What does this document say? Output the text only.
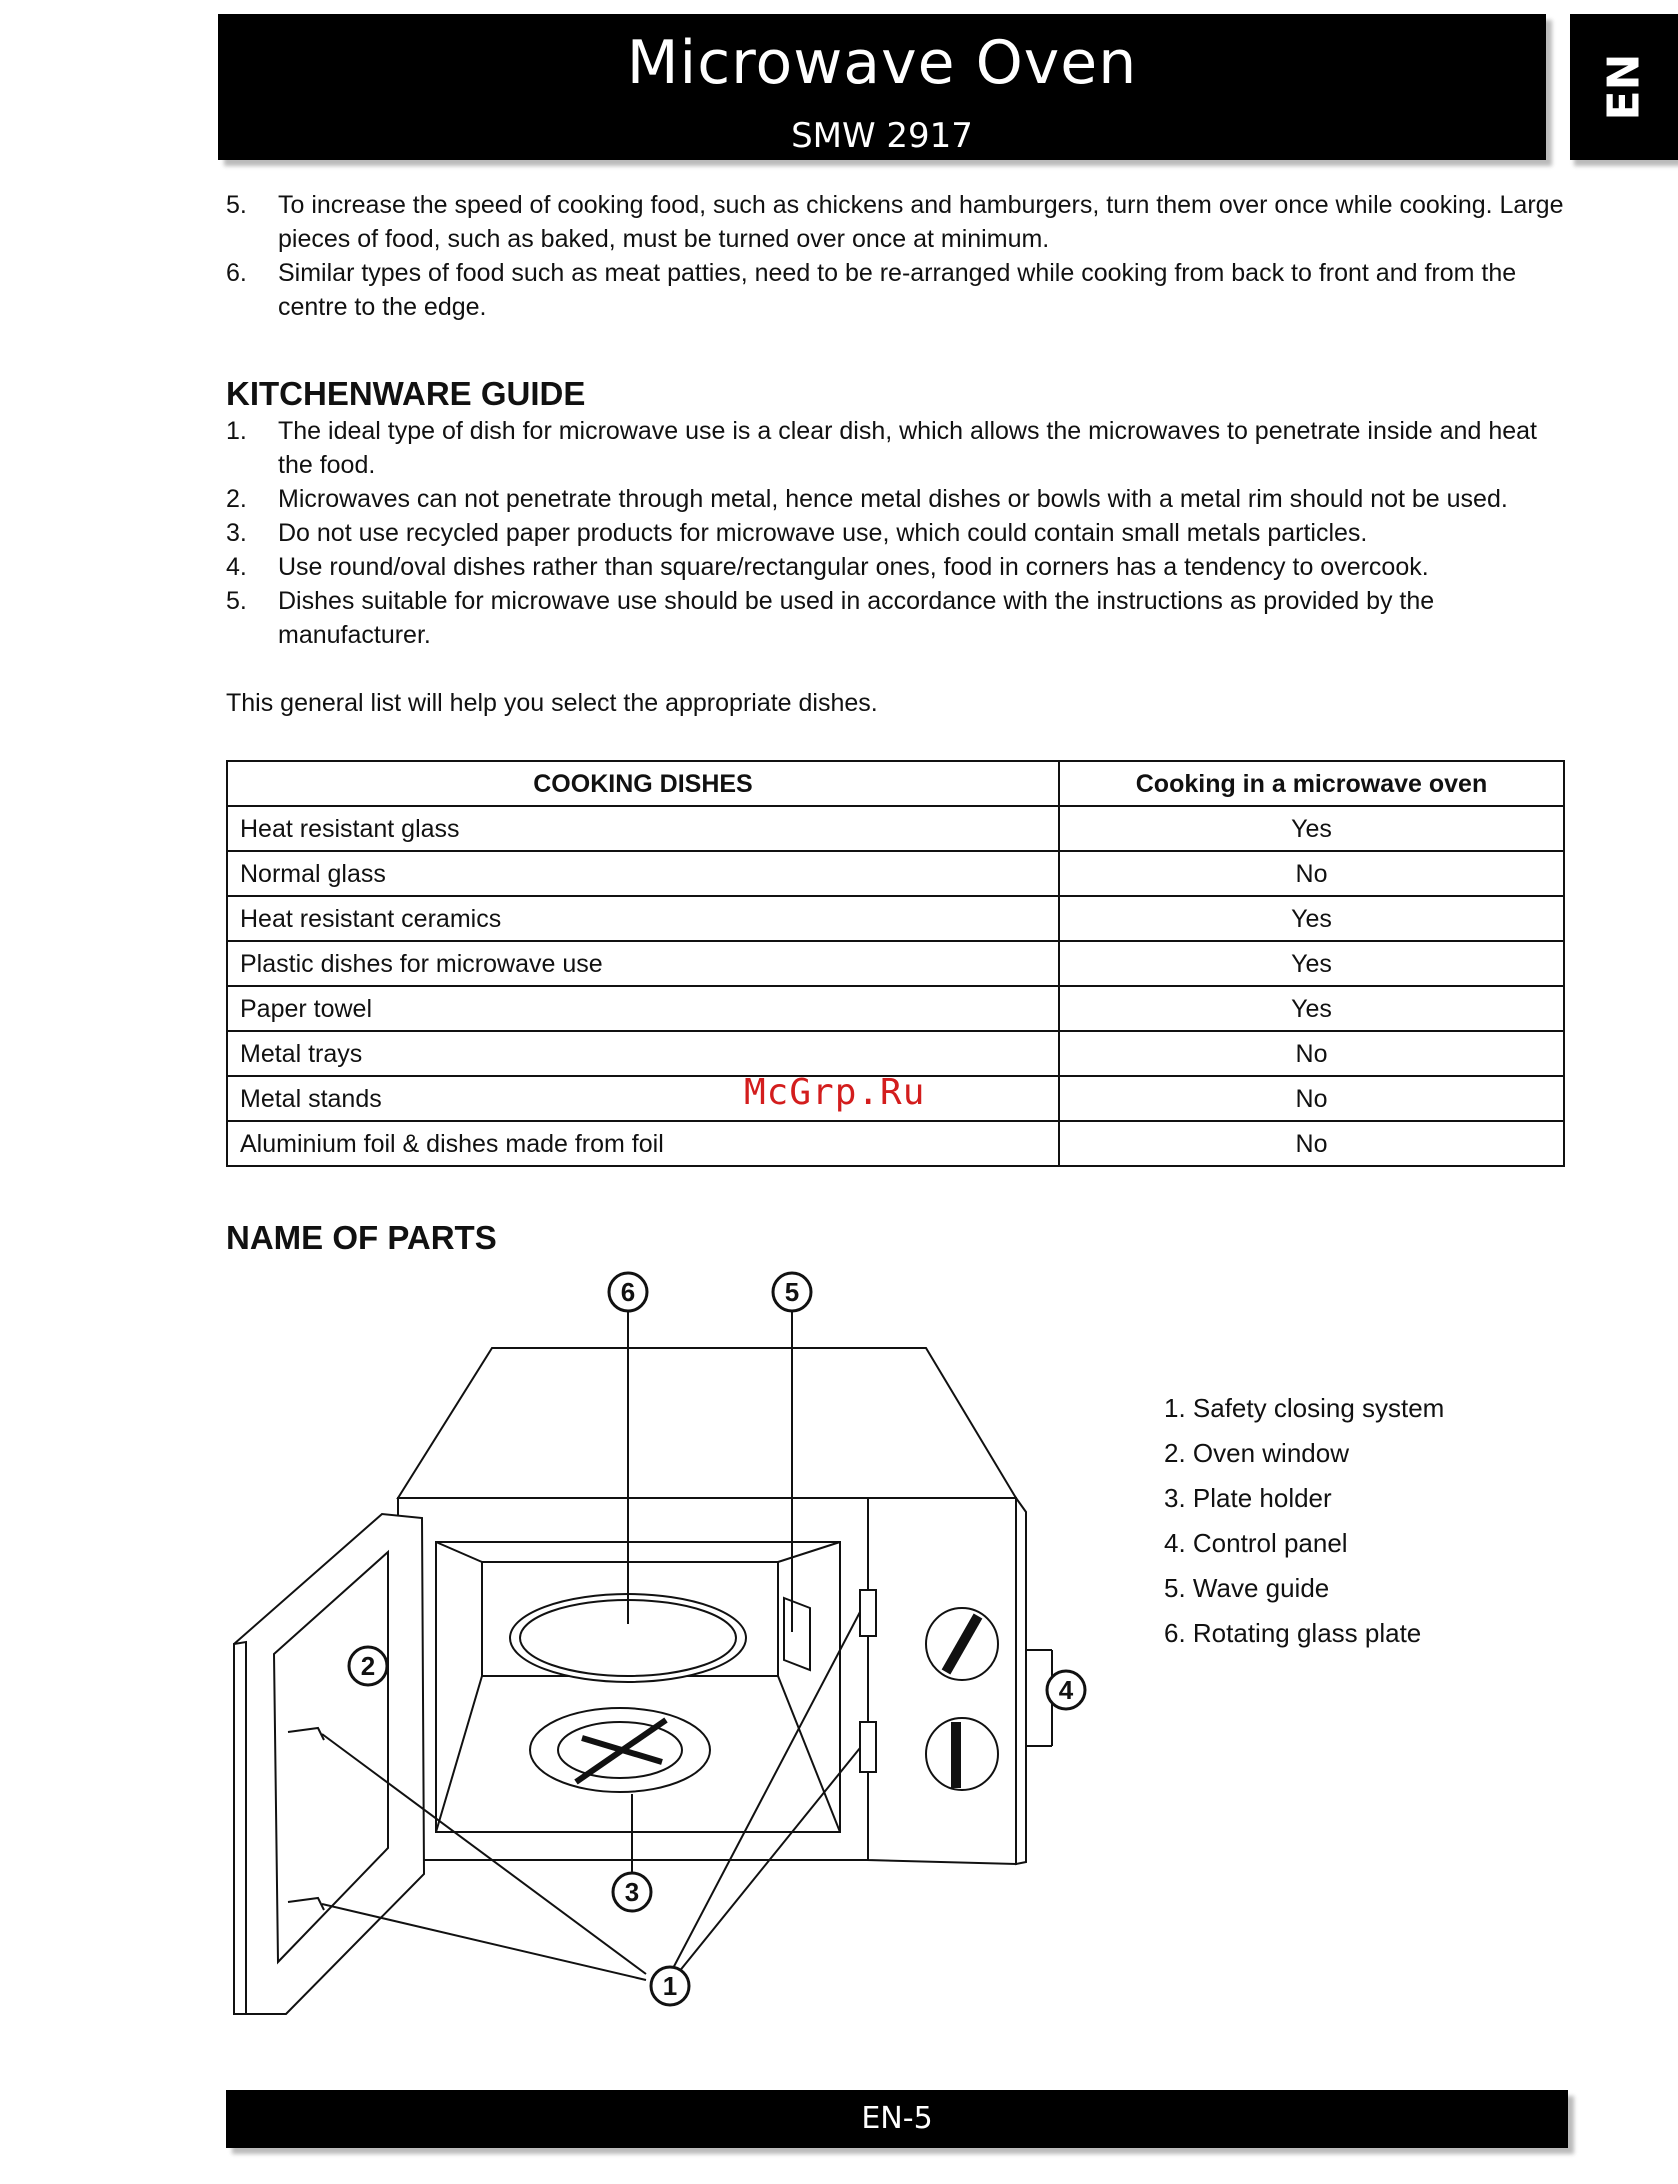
Microwave Oven
SMW 2917
EN
5. To increase the speed of cooking food, such as chickens and hamburgers, turn them over once while cooking. Large pieces of food, such as baked, must be turned over once at minimum.
6. Similar types of food such as meat patties, need to be re-arranged while cooking from back to front and from the centre to the edge.
KITCHENWARE GUIDE
1. The ideal type of dish for microwave use is a clear dish, which allows the microwaves to penetrate inside and heat the food.
2. Microwaves can not penetrate through metal, hence metal dishes or bowls with a metal rim should not be used.
3. Do not use recycled paper products for microwave use, which could contain small metals particles.
4. Use round/oval dishes rather than square/rectangular ones, food in corners has a tendency to overcook.
5. Dishes suitable for microwave use should be used in accordance with the instructions as provided by the manufacturer.
This general list will help you select the appropriate dishes.
COOKING DISHES	Cooking in a microwave oven
Heat resistant glass	Yes
Normal glass	No
Heat resistant ceramics	Yes
Plastic dishes for microwave use	Yes
Paper towel	Yes
Metal trays	No
Metal stands	No
Aluminium foil & dishes made from foil	No
McGrp.Ru
NAME OF PARTS
6	5
2
4
3
1
1. Safety closing system
2. Oven window
3. Plate holder
4. Control panel
5. Wave guide
6. Rotating glass plate
EN-5
